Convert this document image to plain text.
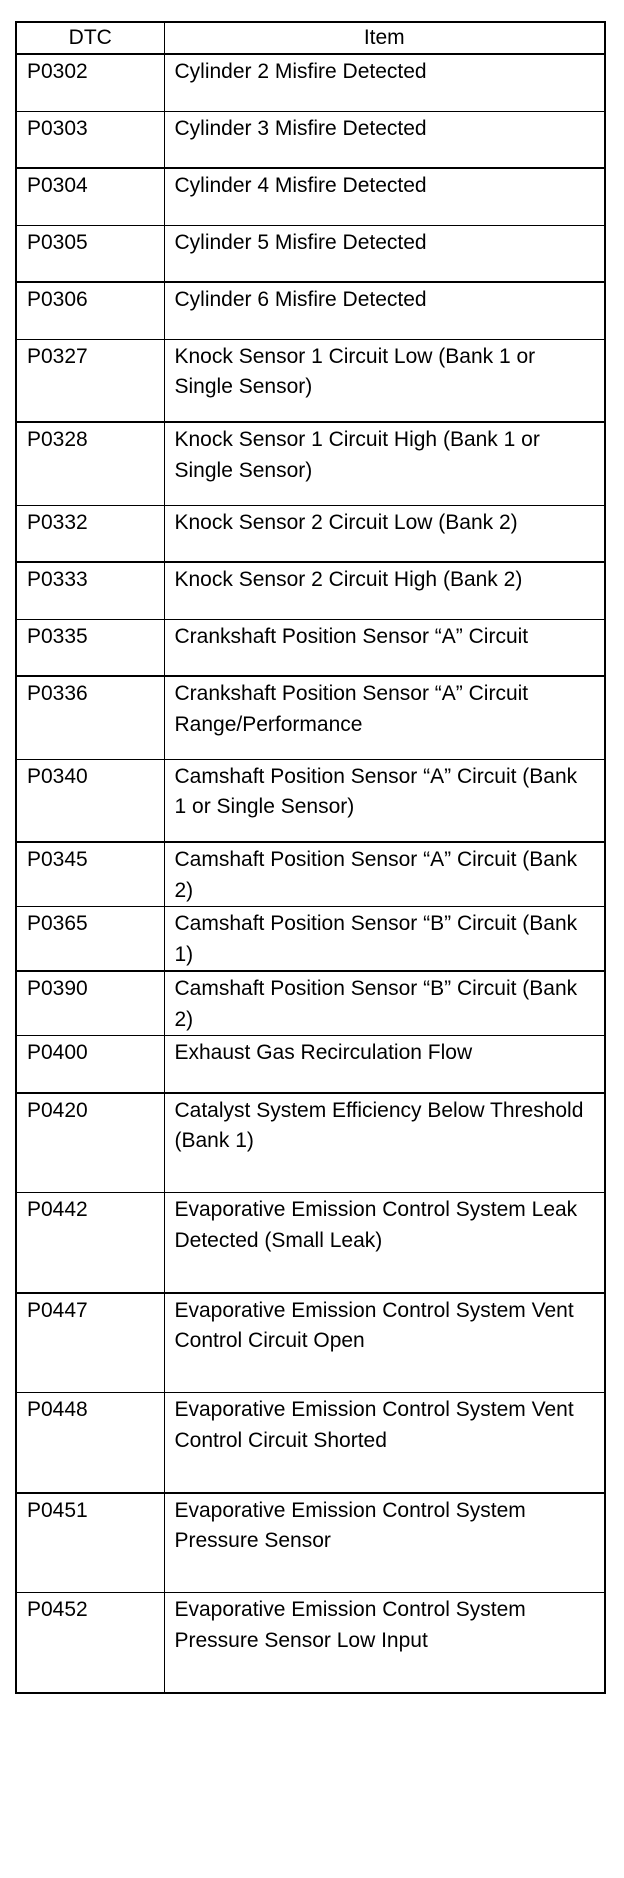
DTC	Item
P0302	Cylinder 2 Misfire Detected
P0303	Cylinder 3 Misfire Detected
P0304	Cylinder 4 Misfire Detected
P0305	Cylinder 5 Misfire Detected
P0306	Cylinder 6 Misfire Detected
P0327	Knock Sensor 1 Circuit Low (Bank 1 or Single Sensor)
P0328	Knock Sensor 1 Circuit High (Bank 1 or Single Sensor)
P0332	Knock Sensor 2 Circuit Low (Bank 2)
P0333	Knock Sensor 2 Circuit High (Bank 2)
P0335	Crankshaft Position Sensor “A” Circuit
P0336	Crankshaft Position Sensor “A” Circuit Range/Performance
P0340	Camshaft Position Sensor “A” Circuit (Bank 1 or Single Sensor)
P0345	Camshaft Position Sensor “A” Circuit (Bank 2)
P0365	Camshaft Position Sensor “B” Circuit (Bank 1)
P0390	Camshaft Position Sensor “B” Circuit (Bank 2)
P0400	Exhaust Gas Recirculation Flow
P0420	Catalyst System Efficiency Below Threshold (Bank 1)
P0442	Evaporative Emission Control System Leak Detected (Small Leak)
P0447	Evaporative Emission Control System Vent Control Circuit Open
P0448	Evaporative Emission Control System Vent Control Circuit Shorted
P0451	Evaporative Emission Control System Pressure Sensor
P0452	Evaporative Emission Control System Pressure Sensor Low Input
